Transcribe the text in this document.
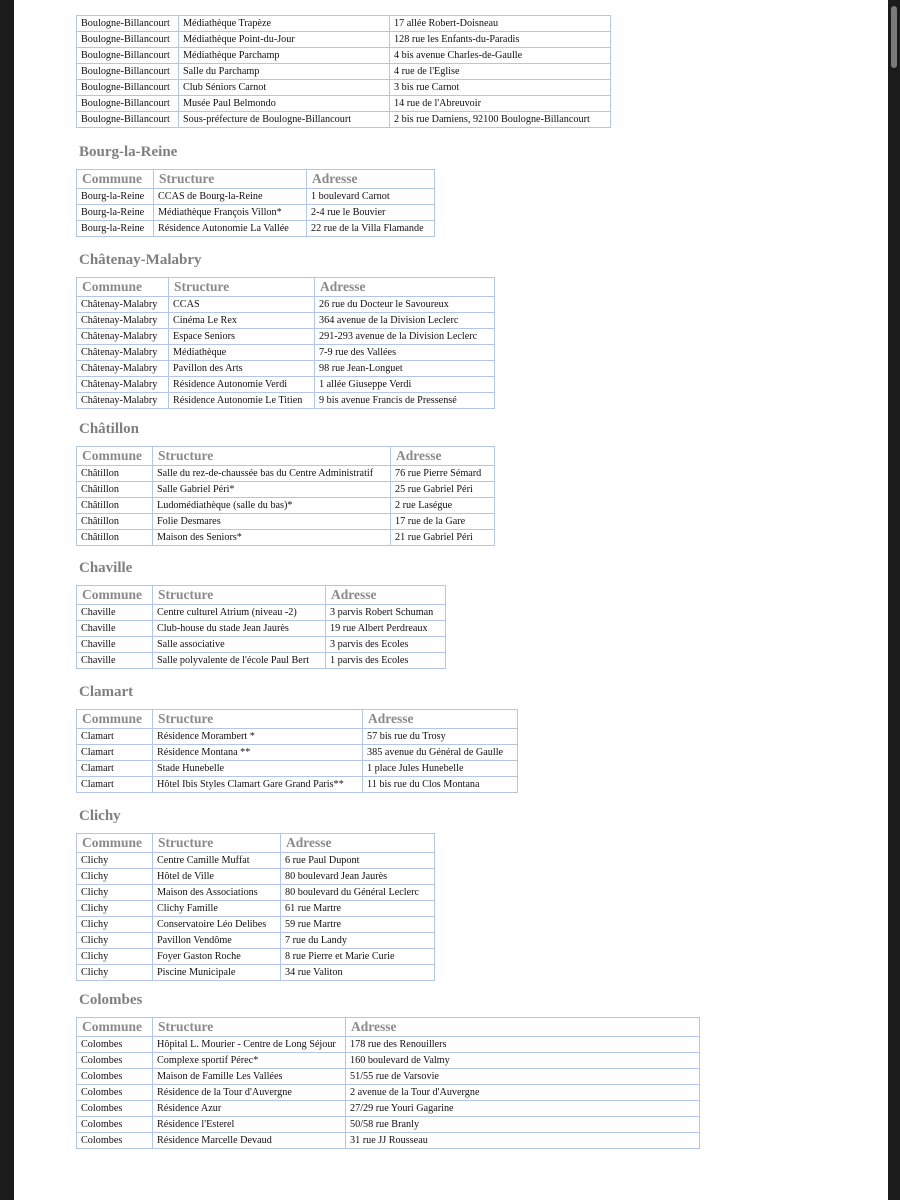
Boulogne-Billancourt	Médiathèque Trapèze	17 allée Robert-Doisneau
Boulogne-Billancourt	Médiathèque Point-du-Jour	128 rue les Enfants-du-Paradis
Boulogne-Billancourt	Médiathèque Parchamp	4 bis avenue Charles-de-Gaulle
Boulogne-Billancourt	Salle du Parchamp	4 rue de l'Eglise
Boulogne-Billancourt	Club Séniors Carnot	3 bis rue Carnot
Boulogne-Billancourt	Musée Paul Belmondo	14 rue de l'Abreuvoir
Boulogne-Billancourt	Sous-préfecture de Boulogne-Billancourt	2 bis rue Damiens, 92100 Boulogne-Billancourt
Bourg-la-Reine
Commune	Structure	Adresse
Bourg-la-Reine	CCAS de Bourg-la-Reine	1 boulevard Carnot
Bourg-la-Reine	Médiathèque François Villon*	2-4 rue le Bouvier
Bourg-la-Reine	Résidence Autonomie La Vallée	22 rue de la Villa Flamande
Châtenay-Malabry
Commune	Structure	Adresse
Châtenay-Malabry	CCAS	26 rue du Docteur le Savoureux
Châtenay-Malabry	Cinéma Le Rex	364 avenue de la Division Leclerc
Châtenay-Malabry	Espace Seniors	291-293 avenue de la Division Leclerc
Châtenay-Malabry	Médiathèque	7-9 rue des Vallées
Châtenay-Malabry	Pavillon des Arts	98 rue Jean-Longuet
Châtenay-Malabry	Résidence Autonomie Verdi	1 allée Giuseppe Verdi
Châtenay-Malabry	Résidence Autonomie Le Titien	9 bis avenue Francis de Pressensé
Châtillon
Commune	Structure	Adresse
Châtillon	Salle du rez-de-chaussée bas du Centre Administratif	76 rue Pierre Sémard
Châtillon	Salle Gabriel Péri*	25 rue Gabriel Péri
Châtillon	Ludomédiathèque (salle du bas)*	2 rue Laségue
Châtillon	Folie Desmares	17 rue de la Gare
Châtillon	Maison des Seniors*	21 rue Gabriel Péri
Chaville
Commune	Structure	Adresse
Chaville	Centre culturel Atrium (niveau -2)	3 parvis Robert Schuman
Chaville	Club-house du stade Jean Jaurès	19 rue Albert Perdreaux
Chaville	Salle associative	3 parvis des Ecoles
Chaville	Salle polyvalente de l'école Paul Bert	1 parvis des Ecoles
Clamart
Commune	Structure	Adresse
Clamart	Résidence Morambert *	57 bis rue du Trosy
Clamart	Résidence Montana **	385 avenue du Général de Gaulle
Clamart	Stade Hunebelle	1 place Jules Hunebelle
Clamart	Hôtel Ibis Styles Clamart Gare Grand Paris**	11 bis rue du Clos Montana
Clichy
Commune	Structure	Adresse
Clichy	Centre Camille Muffat	6 rue Paul Dupont
Clichy	Hôtel de Ville	80 boulevard Jean Jaurès
Clichy	Maison des Associations	80 boulevard du Général Leclerc
Clichy	Clichy Famille	61 rue Martre
Clichy	Conservatoire Léo Delibes	59 rue Martre
Clichy	Pavillon Vendôme	7 rue du Landy
Clichy	Foyer Gaston Roche	8 rue Pierre et Marie Curie
Clichy	Piscine Municipale	34 rue Valiton
Colombes
Commune	Structure	Adresse
Colombes	Hôpital L. Mourier - Centre de Long Séjour	178 rue des Renouillers
Colombes	Complexe sportif Pérec*	160 boulevard de Valmy
Colombes	Maison de Famille Les Vallées	51/55 rue de Varsovie
Colombes	Résidence de la Tour d'Auvergne	2 avenue de la Tour d'Auvergne
Colombes	Résidence Azur	27/29 rue Youri Gagarine
Colombes	Résidence l'Esterel	50/58 rue Branly
Colombes	Résidence Marcelle Devaud	31 rue JJ Rousseau
